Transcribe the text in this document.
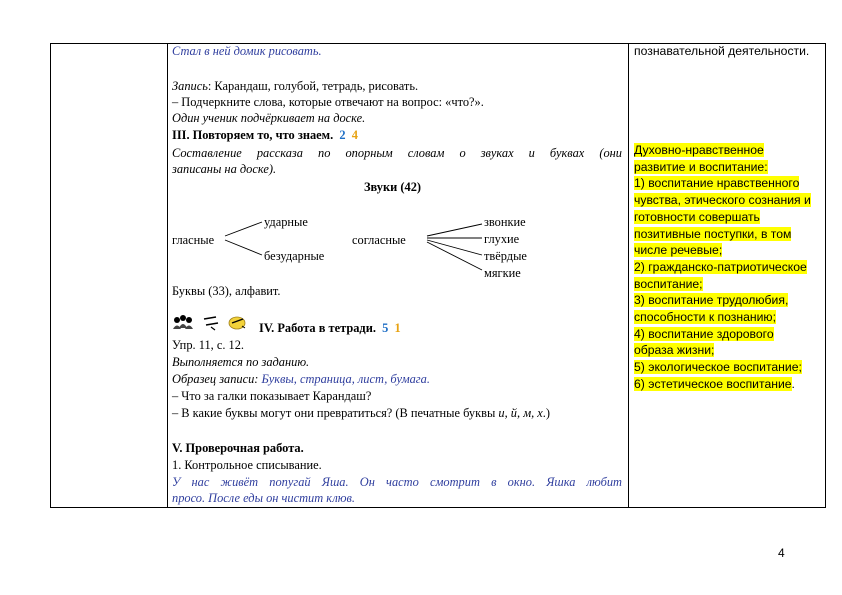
Стал в ней домик рисовать.
Запись: Карандаш, голубой, тетрадь, рисовать.
– Подчеркните слова, которые отвечают на вопрос: «что?».
Один ученик подчёркивает на доске.
III. Повторяем то, что знаем. 2 4
Составление рассказа по опорным словам о звуках и буквах (они
записаны на доске).
Звуки (42)
ударные
гласные
безударные
согласные
звонкие
глухие
твёрдые
мягкие
Буквы (33), алфавит.
IV. Работа в тетради. 5 1
Упр. 11, с. 12.
Выполняется по заданию.
Образец записи: Буквы, страница, лист, бумага.
– Что за галки показывает Карандаш?
– В какие буквы могут они превратиться? (В печатные буквы и, й, м, х.)
V. Проверочная работа.
1. Контрольное списывание.
У нас живёт попугай Яша. Он часто смотрит в окно. Яшка любит
просо. После еды он чистит клюв.
познавательной деятельности.
Духовно-нравственное развитие и воспитание:
1) воспитание нравственного чувства, этического сознания и готовности совершать позитивные поступки, в том числе речевые;
2) гражданско-патриотическое воспитание;
3) воспитание трудолюбия, способности к познанию;
4) воспитание здорового образа жизни;
5) экологическое воспитание;
6) эстетическое воспитание.
4
